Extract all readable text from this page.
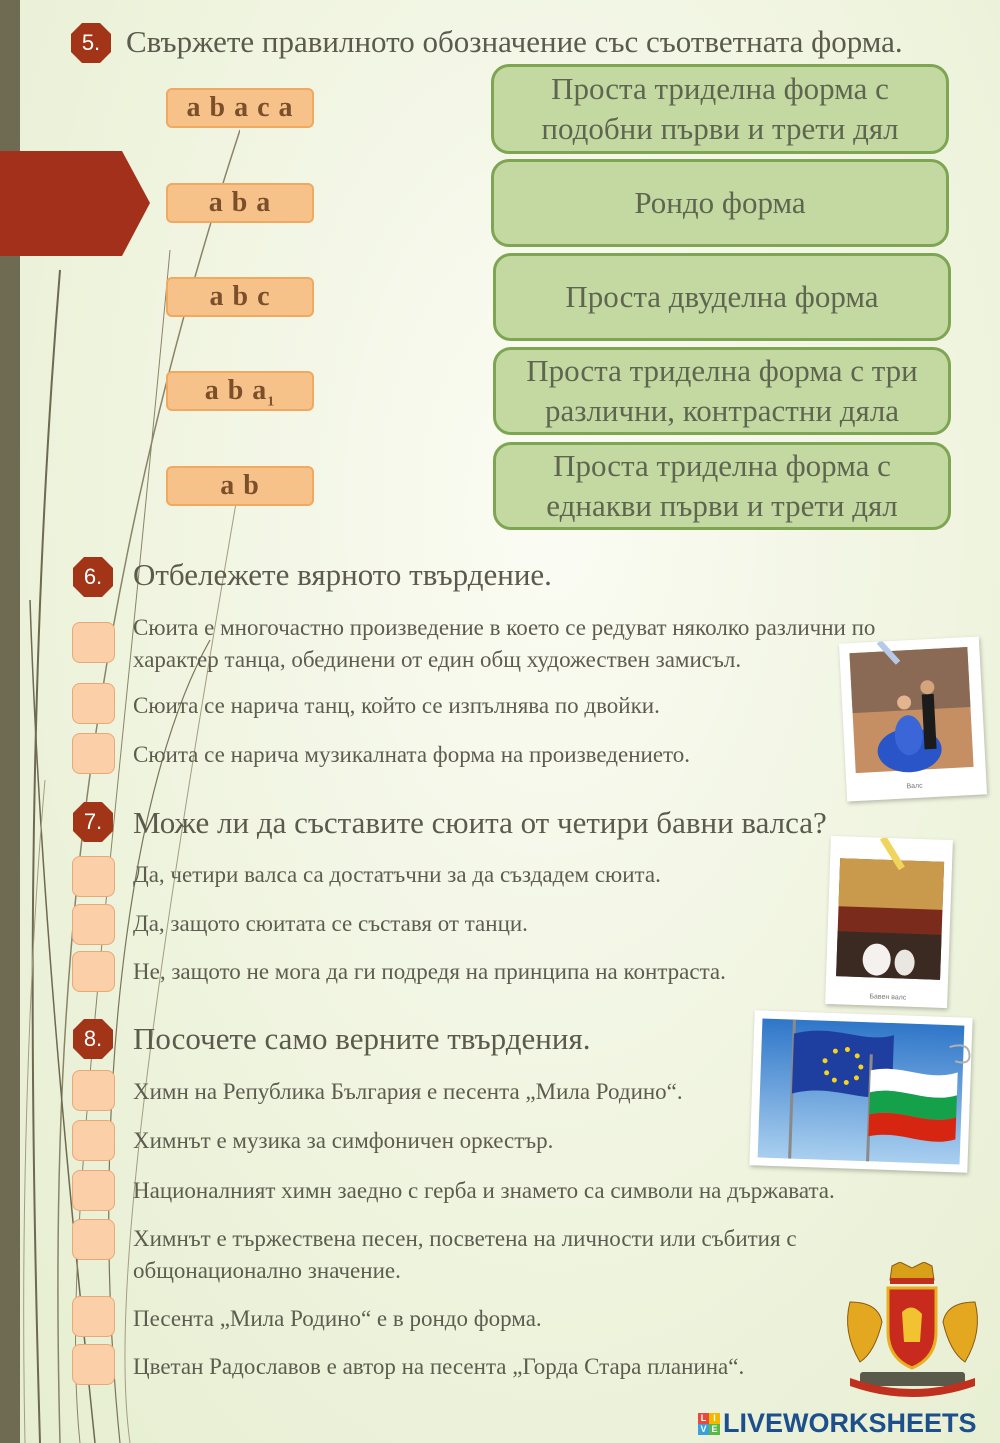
5. Свържете правилното обозначение със съответната форма.
a b a c a
a b a
a b c
a b $a_1$
a b
Проста триделна форма с
подобни първи и трети дял
Рондо форма
Проста двуделна форма
Проста триделна форма с три
различни, контрастни дяла
Проста триделна форма с
еднакви първи и трети дял
6. Отбележете вярното твърдение.
Сюита е многочастно произведение в което се редуват няколко различни по
характер танца, обединени от един общ художествен замисъл.
Сюита се нарича танц, който се изпълнява по двойки.
Сюита се нарича музикалната форма на произведението.
Валс
7. Може ли да съставите сюита от четири бавни валса?
Да, четири валса са достатъчни за да създадем сюита.
Да, защото сюитата се съставя от танци.
Не, защото не мога да ги подредя на принципа на контраста.
Бавен валс
8. Посочете само верните твърдения.
Химн на Република България е песента „Мила Родино“.
Химнът е музика за симфоничен оркестър.
Националният химн заедно с герба и знамето са символи на държавата.
Химнът е тържествена песен, посветена на личности или събития с
общонационално значение.
Песента „Мила Родино“ е в рондо форма.
Цветан Радославов е автор на песента „Горда Стара планина“.
L I
V E LIVEWORKSHEETS
